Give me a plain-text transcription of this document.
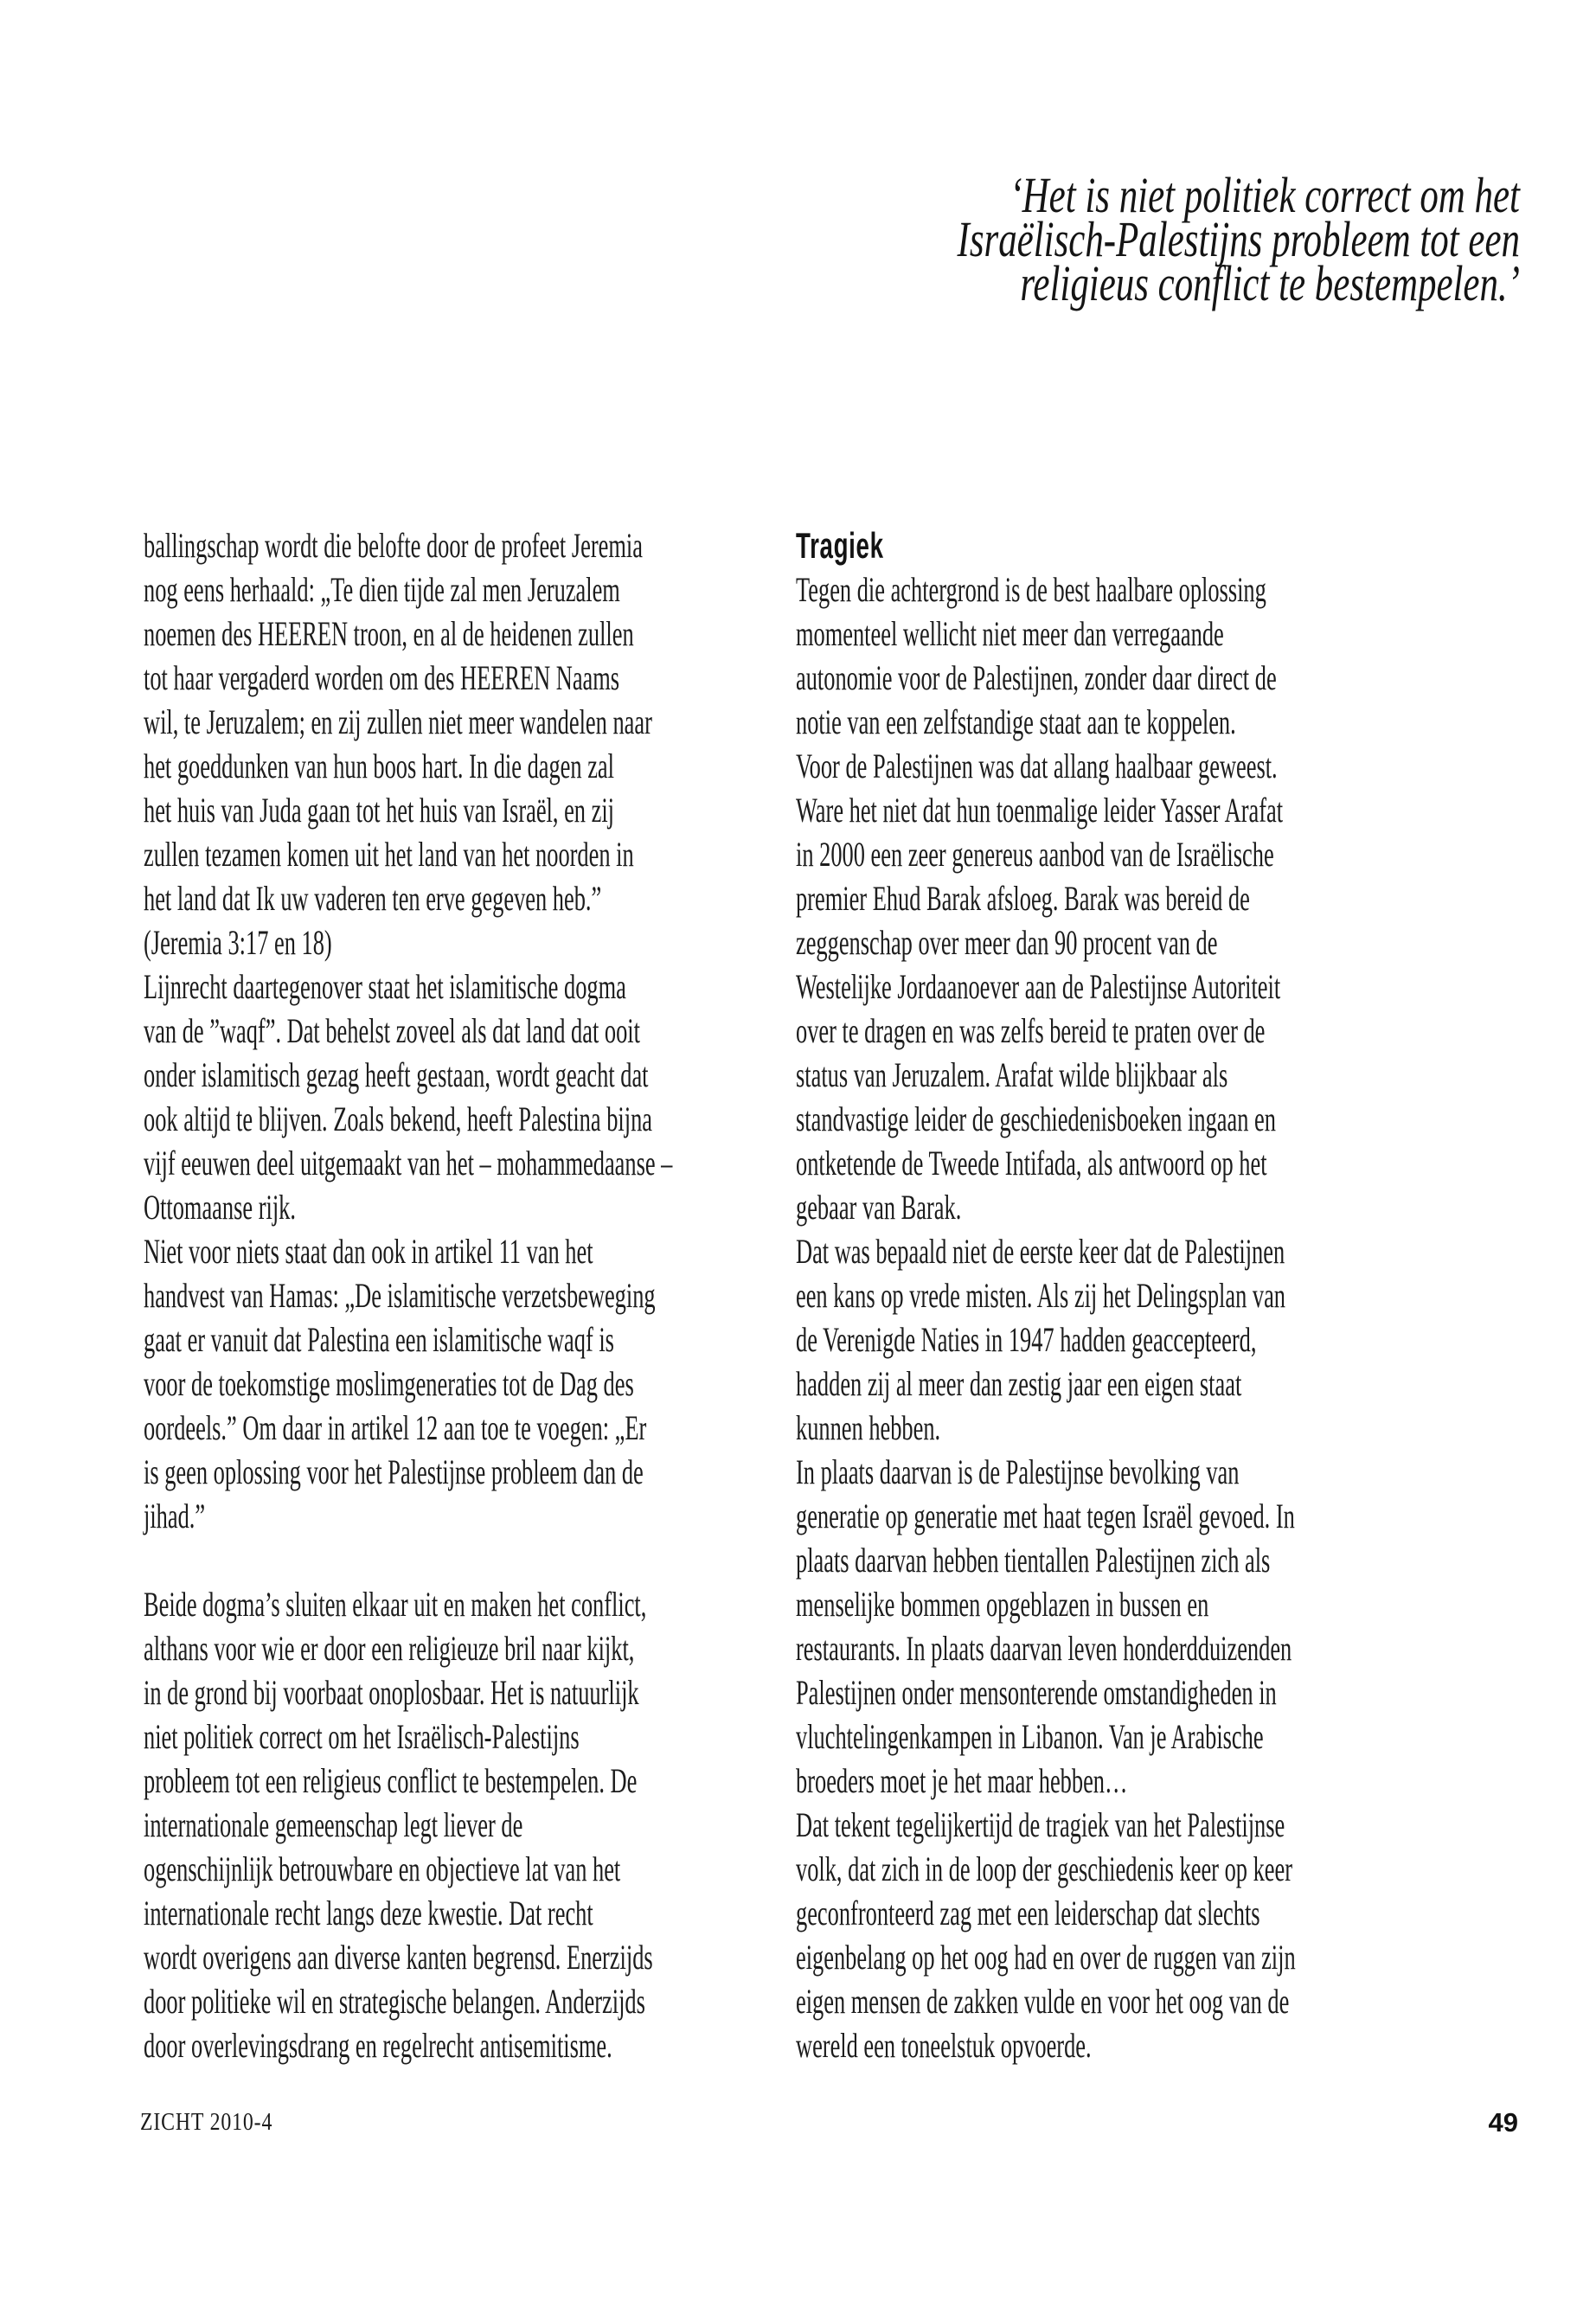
‘Het is niet politiek correct om het
Israëlisch-Palestijns probleem tot een
religieus conflict te bestempelen.’
ballingschap wordt die belofte door de profeet Jeremia
nog eens herhaald: „Te dien tijde zal men Jeruzalem
noemen des HEEREN troon, en al de heidenen zullen
tot haar vergaderd worden om des HEEREN Naams
wil, te Jeruzalem; en zij zullen niet meer wandelen naar
het goeddunken van hun boos hart. In die dagen zal
het huis van Juda gaan tot het huis van Israël, en zij
zullen tezamen komen uit het land van het noorden in
het land dat Ik uw vaderen ten erve gegeven heb.”
(Jeremia 3:17 en 18)
Lijnrecht daartegenover staat het islamitische dogma
van de ”waqf”. Dat behelst zoveel als dat land dat ooit
onder islamitisch gezag heeft gestaan, wordt geacht dat
ook altijd te blijven. Zoals bekend, heeft Palestina bijna
vijf eeuwen deel uitgemaakt van het – mohammedaanse –
Ottomaanse rijk.
Niet voor niets staat dan ook in artikel 11 van het
handvest van Hamas: „De islamitische verzetsbeweging
gaat er vanuit dat Palestina een islamitische waqf is
voor de toekomstige moslimgeneraties tot de Dag des
oordeels.” Om daar in artikel 12 aan toe te voegen: „Er
is geen oplossing voor het Palestijnse probleem dan de
jihad.”
Beide dogma’s sluiten elkaar uit en maken het conflict,
althans voor wie er door een religieuze bril naar kijkt,
in de grond bij voorbaat onoplosbaar. Het is natuurlijk
niet politiek correct om het Israëlisch-Palestijns
probleem tot een religieus conflict te bestempelen. De
internationale gemeenschap legt liever de
ogenschijnlijk betrouwbare en objectieve lat van het
internationale recht langs deze kwestie. Dat recht
wordt overigens aan diverse kanten begrensd. Enerzijds
door politieke wil en strategische belangen. Anderzijds
door overlevingsdrang en regelrecht antisemitisme.
Tragiek
Tegen die achtergrond is de best haalbare oplossing
momenteel wellicht niet meer dan verregaande
autonomie voor de Palestijnen, zonder daar direct de
notie van een zelfstandige staat aan te koppelen.
Voor de Palestijnen was dat allang haalbaar geweest.
Ware het niet dat hun toenmalige leider Yasser Arafat
in 2000 een zeer genereus aanbod van de Israëlische
premier Ehud Barak afsloeg. Barak was bereid de
zeggenschap over meer dan 90 procent van de
Westelijke Jordaanoever aan de Palestijnse Autoriteit
over te dragen en was zelfs bereid te praten over de
status van Jeruzalem. Arafat wilde blijkbaar als
standvastige leider de geschiedenisboeken ingaan en
ontketende de Tweede Intifada, als antwoord op het
gebaar van Barak.
Dat was bepaald niet de eerste keer dat de Palestijnen
een kans op vrede misten. Als zij het Delingsplan van
de Verenigde Naties in 1947 hadden geaccepteerd,
hadden zij al meer dan zestig jaar een eigen staat
kunnen hebben.
In plaats daarvan is de Palestijnse bevolking van
generatie op generatie met haat tegen Israël gevoed. In
plaats daarvan hebben tientallen Palestijnen zich als
menselijke bommen opgeblazen in bussen en
restaurants. In plaats daarvan leven honderdduizenden
Palestijnen onder mensonterende omstandigheden in
vluchtelingenkampen in Libanon. Van je Arabische
broeders moet je het maar hebben…
Dat tekent tegelijkertijd de tragiek van het Palestijnse
volk, dat zich in de loop der geschiedenis keer op keer
geconfronteerd zag met een leiderschap dat slechts
eigenbelang op het oog had en over de ruggen van zijn
eigen mensen de zakken vulde en voor het oog van de
wereld een toneelstuk opvoerde.
ZICHT 2010-4	49
